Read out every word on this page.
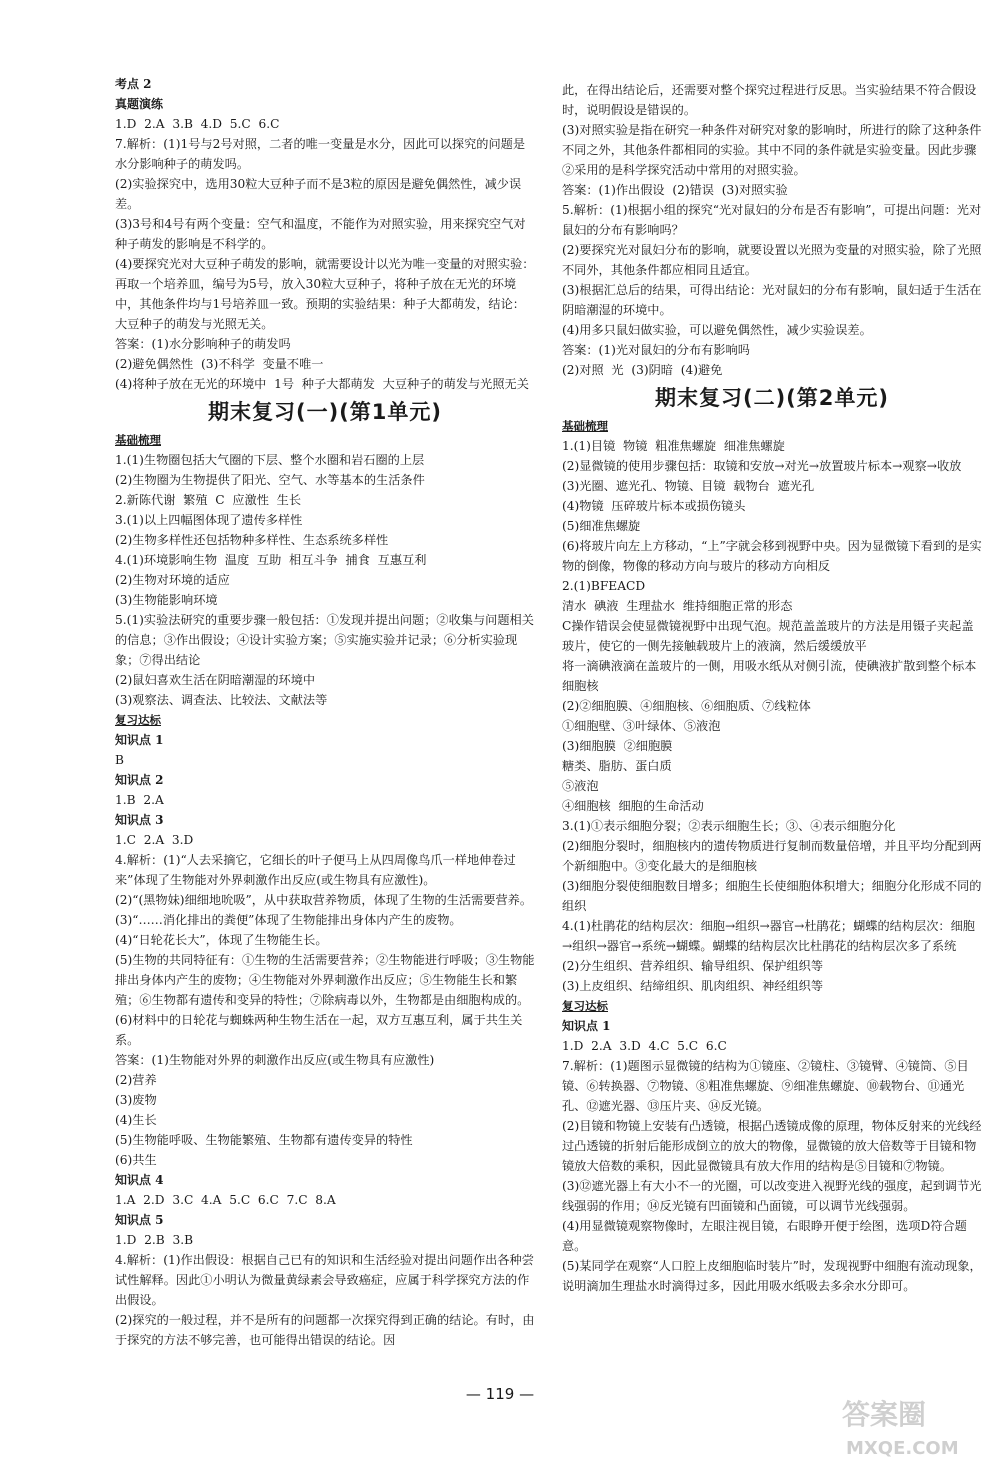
考点 2
真题演练
1.D  2.A  3.B  4.D  5.C  6.C
7.解析：(1)1号与2号对照，二者的唯一变量是水分，因此可以探究的问题是水分影响种子的萌发吗。
(2)实验探究中，选用30粒大豆种子而不是3粒的原因是避免偶然性，减少误差。
(3)3号和4号有两个变量：空气和温度，不能作为对照实验，用来探究空气对种子萌发的影响是不科学的。
(4)要探究光对大豆种子萌发的影响，就需要设计以光为唯一变量的对照实验：再取一个培养皿，编号为5号，放入30粒大豆种子，将种子放在无光的环境中，其他条件均与1号培养皿一致。预期的实验结果：种子大都萌发，结论：大豆种子的萌发与光照无关。
答案：(1)水分影响种子的萌发吗
(2)避免偶然性  (3)不科学  变量不唯一
(4)将种子放在无光的环境中  1号  种子大都萌发  大豆种子的萌发与光照无关
期末复习(一)(第1单元)
基础梳理
1.(1)生物圈包括大气圈的下层、整个水圈和岩石圈的上层
(2)生物圈为生物提供了阳光、空气、水等基本的生活条件
2.新陈代谢  繁殖  C  应激性  生长
3.(1)以上四幅图体现了遗传多样性
(2)生物多样性还包括物种多样性、生态系统多样性
4.(1)环境影响生物  温度  互助  相互斗争  捕食  互惠互利
(2)生物对环境的适应
(3)生物能影响环境
5.(1)实验法研究的重要步骤一般包括：①发现并提出问题；②收集与问题相关的信息；③作出假设；④设计实验方案；⑤实施实验并记录；⑥分析实验现象；⑦得出结论
(2)鼠妇喜欢生活在阴暗潮湿的环境中
(3)观察法、调查法、比较法、文献法等
复习达标
知识点 1
B
知识点 2
1.B  2.A
知识点 3
1.C  2.A  3.D
4.解析：(1)“人去采摘它，它细长的叶子便马上从四周像鸟爪一样地伸卷过来”体现了生物能对外界刺激作出反应(或生物具有应激性)。
(2)“(黑物妹)细细地吮吸”，从中获取营养物质，体现了生物的生活需要营养。
(3)“……消化排出的粪便”体现了生物能排出身体内产生的废物。
(4)“日轮花长大”，体现了生物能生长。
(5)生物的共同特征有：①生物的生活需要营养；②生物能进行呼吸；③生物能排出身体内产生的废物；④生物能对外界刺激作出反应；⑤生物能生长和繁殖；⑥生物都有遗传和变异的特性；⑦除病毒以外，生物都是由细胞构成的。
(6)材料中的日轮花与蜘蛛两种生物生活在一起，双方互惠互利，属于共生关系。
答案：(1)生物能对外界的刺激作出反应(或生物具有应激性)
(2)营养
(3)废物
(4)生长
(5)生物能呼吸、生物能繁殖、生物都有遗传变异的特性
(6)共生
知识点 4
1.A  2.D  3.C  4.A  5.C  6.C  7.C  8.A
知识点 5
1.D  2.B  3.B
4.解析：(1)作出假设：根据自己已有的知识和生活经验对提出问题作出各种尝试性解释。因此①小明认为微量黄绿素会导致癌症，应属于科学探究方法的作出假设。
(2)探究的一般过程，并不是所有的问题都一次探究得到正确的结论。有时，由于探究的方法不够完善，也可能得出错误的结论。因
此，在得出结论后，还需要对整个探究过程进行反思。当实验结果不符合假设时，说明假设是错误的。
(3)对照实验是指在研究一种条件对研究对象的影响时，所进行的除了这种条件不同之外，其他条件都相同的实验。其中不同的条件就是实验变量。因此步骤②采用的是科学探究活动中常用的对照实验。
答案：(1)作出假设  (2)错误  (3)对照实验
5.解析：(1)根据小组的探究“光对鼠妇的分布是否有影响”，可提出问题：光对鼠妇的分布有影响吗？
(2)要探究光对鼠妇分布的影响，就要设置以光照为变量的对照实验，除了光照不同外，其他条件都应相同且适宜。
(3)根据汇总后的结果，可得出结论：光对鼠妇的分布有影响，鼠妇适于生活在阴暗潮湿的环境中。
(4)用多只鼠妇做实验，可以避免偶然性，减少实验误差。
答案：(1)光对鼠妇的分布有影响吗
(2)对照  光  (3)阴暗  (4)避免
期末复习(二)(第2单元)
基础梳理
1.(1)目镜  物镜  粗准焦螺旋  细准焦螺旋
(2)显微镜的使用步骤包括：取镜和安放→对光→放置玻片标本→观察→收放
(3)光圈、遮光孔、物镜、目镜  载物台  遮光孔
(4)物镜  压碎玻片标本或损伤镜头
(5)细准焦螺旋
(6)将玻片向左上方移动，“上”字就会移到视野中央。因为显微镜下看到的是实物的倒像，物像的移动方向与玻片的移动方向相反
2.(1)BFEACD
清水  碘液  生理盐水  维持细胞正常的形态
C操作错误会使显微镜视野中出现气泡。规范盖盖玻片的方法是用镊子夹起盖玻片，使它的一侧先接触载玻片上的液滴，然后缓缓放平
将一滴碘液滴在盖玻片的一侧，用吸水纸从对侧引流，使碘液扩散到整个标本  细胞核
(2)②细胞膜、④细胞核、⑥细胞质、⑦线粒体
①细胞壁、③叶绿体、⑤液泡
(3)细胞膜  ②细胞膜
糖类、脂肪、蛋白质
⑤液泡
④细胞核  细胞的生命活动
3.(1)①表示细胞分裂；②表示细胞生长；③、④表示细胞分化
(2)细胞分裂时，细胞核内的遗传物质进行复制而数量倍增，并且平均分配到两个新细胞中。③变化最大的是细胞核
(3)细胞分裂使细胞数目增多；细胞生长使细胞体积增大；细胞分化形成不同的组织
4.(1)杜鹃花的结构层次：细胞→组织→器官→杜鹃花；蝴蝶的结构层次：细胞→组织→器官→系统→蝴蝶。蝴蝶的结构层次比杜鹃花的结构层次多了系统
(2)分生组织、营养组织、输导组织、保护组织等
(3)上皮组织、结缔组织、肌肉组织、神经组织等
复习达标
知识点 1
1.D  2.A  3.D  4.C  5.C  6.C
7.解析：(1)题图示显微镜的结构为①镜座、②镜柱、③镜臂、④镜筒、⑤目镜、⑥转换器、⑦物镜、⑧粗准焦螺旋、⑨细准焦螺旋、⑩载物台、⑪通光孔、⑫遮光器、⑬压片夹、⑭反光镜。
(2)目镜和物镜上安装有凸透镜，根据凸透镜成像的原理，物体反射来的光线经过凸透镜的折射后能形成倒立的放大的物像，显微镜的放大倍数等于目镜和物镜放大倍数的乘积，因此显微镜具有放大作用的结构是⑤目镜和⑦物镜。
(3)⑫遮光器上有大小不一的光圈，可以改变进入视野光线的强度，起到调节光线强弱的作用；⑭反光镜有凹面镜和凸面镜，可以调节光线强弱。
(4)用显微镜观察物像时，左眼注视目镜，右眼睁开便于绘图，选项D符合题意。
(5)某同学在观察“人口腔上皮细胞临时装片”时，发现视野中细胞有流动现象，说明滴加生理盐水时滴得过多，因此用吸水纸吸去多余水分即可。
— 119 —
答案圈
MXQE.COM
